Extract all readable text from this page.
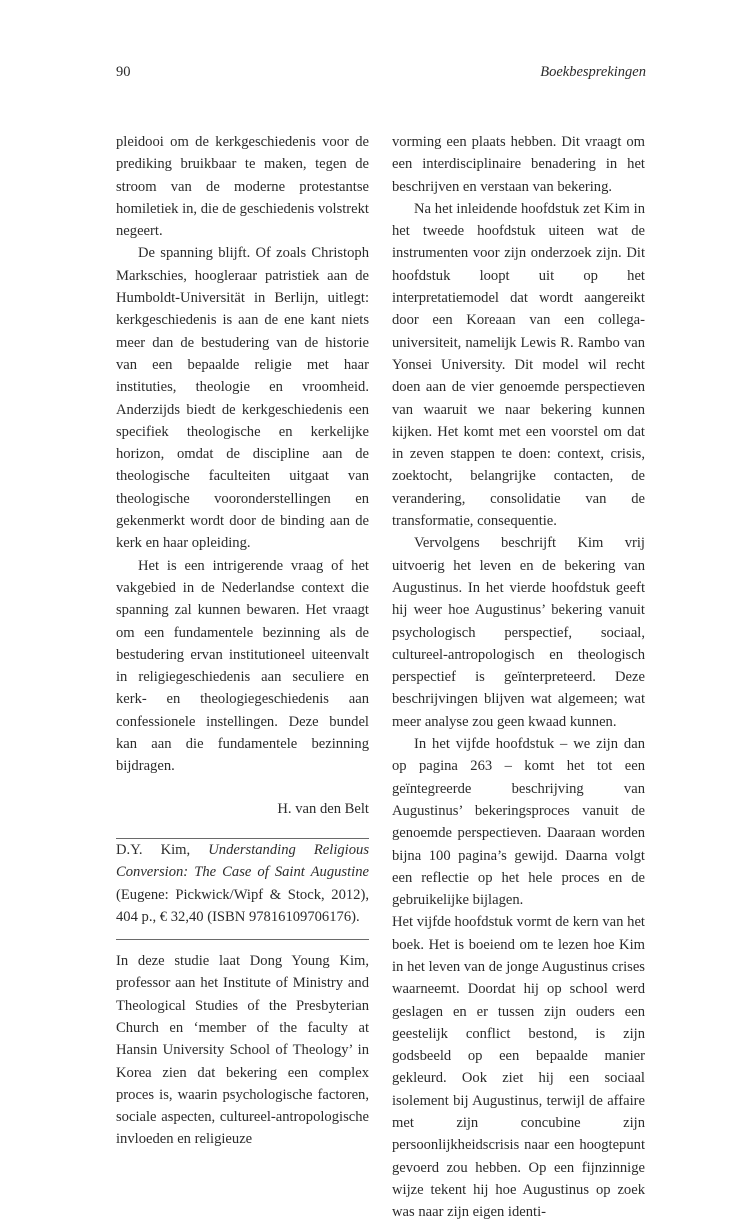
90	Boekbesprekingen

pleidooi om de kerkgeschiedenis voor de prediking bruikbaar te maken, tegen de stroom van de moderne protestantse homiletiek in, die de geschiedenis volstrekt negeert.

De spanning blijft. Of zoals Christoph Markschies, hoogleraar patristiek aan de Humboldt-Universität in Berlijn, uitlegt: kerkgeschiedenis is aan de ene kant niets meer dan de bestudering van de historie van een bepaalde religie met haar instituties, theologie en vroomheid. Anderzijds biedt de kerkgeschiedenis een specifiek theologische en kerkelijke horizon, omdat de discipline aan de theologische faculteiten uitgaat van theologische vooronderstellingen en gekenmerkt wordt door de binding aan de kerk en haar opleiding.

Het is een intrigerende vraag of het vakgebied in de Nederlandse context die spanning zal kunnen bewaren. Het vraagt om een fundamentele bezinning als de bestudering ervan institutioneel uiteenvalt in religiegeschiedenis aan seculiere en kerk- en theologiegeschiedenis aan confessionele instellingen. Deze bundel kan aan die fundamentele bezinning bijdragen.

H. van den Belt

D.Y. Kim, Understanding Religious Conversion: The Case of Saint Augustine (Eugene: Pickwick/Wipf & Stock, 2012), 404 p., € 32,40 (ISBN 97816109706176).

In deze studie laat Dong Young Kim, professor aan het Institute of Ministry and Theological Studies of the Presbyterian Church en ‘member of the faculty at Hansin University School of Theology’ in Korea zien dat bekering een complex proces is, waarin psychologische factoren, sociale aspecten, cultureel-antropologische invloeden en religieuze

vorming een plaats hebben. Dit vraagt om een interdisciplinaire benadering in het beschrijven en verstaan van bekering.

Na het inleidende hoofdstuk zet Kim in het tweede hoofdstuk uiteen wat de instrumenten voor zijn onderzoek zijn. Dit hoofdstuk loopt uit op het interpretatiemodel dat wordt aangereikt door een Koreaan van een collega-universiteit, namelijk Lewis R. Rambo van Yonsei University. Dit model wil recht doen aan de vier genoemde perspectieven van waaruit we naar bekering kunnen kijken. Het komt met een voorstel om dat in zeven stappen te doen: context, crisis, zoektocht, belangrijke contacten, de verandering, consolidatie van de transformatie, consequentie.

Vervolgens beschrijft Kim vrij uitvoerig het leven en de bekering van Augustinus. In het vierde hoofdstuk geeft hij weer hoe Augustinus’ bekering vanuit psychologisch perspectief, sociaal, cultureel-antropologisch en theologisch perspectief is geïnterpreteerd. Deze beschrijvingen blijven wat algemeen; wat meer analyse zou geen kwaad kunnen.

In het vijfde hoofdstuk – we zijn dan op pagina 263 – komt het tot een geïntegreerde beschrijving van Augustinus’ bekeringsproces vanuit de genoemde perspectieven. Daaraan worden bijna 100 pagina’s gewijd. Daarna volgt een reflectie op het hele proces en de gebruikelijke bijlagen.

Het vijfde hoofdstuk vormt de kern van het boek. Het is boeiend om te lezen hoe Kim in het leven van de jonge Augustinus crises waarneemt. Doordat hij op school werd geslagen en er tussen zijn ouders een geestelijk conflict bestond, is zijn godsbeeld op een bepaalde manier gekleurd. Ook ziet hij een sociaal isolement bij Augustinus, terwijl de affaire met zijn concubine zijn persoonlijkheidscrisis naar een hoogtepunt gevoerd zou hebben. Op een fijnzinnige wijze tekent hij hoe Augustinus op zoek was naar zijn eigen identi-
